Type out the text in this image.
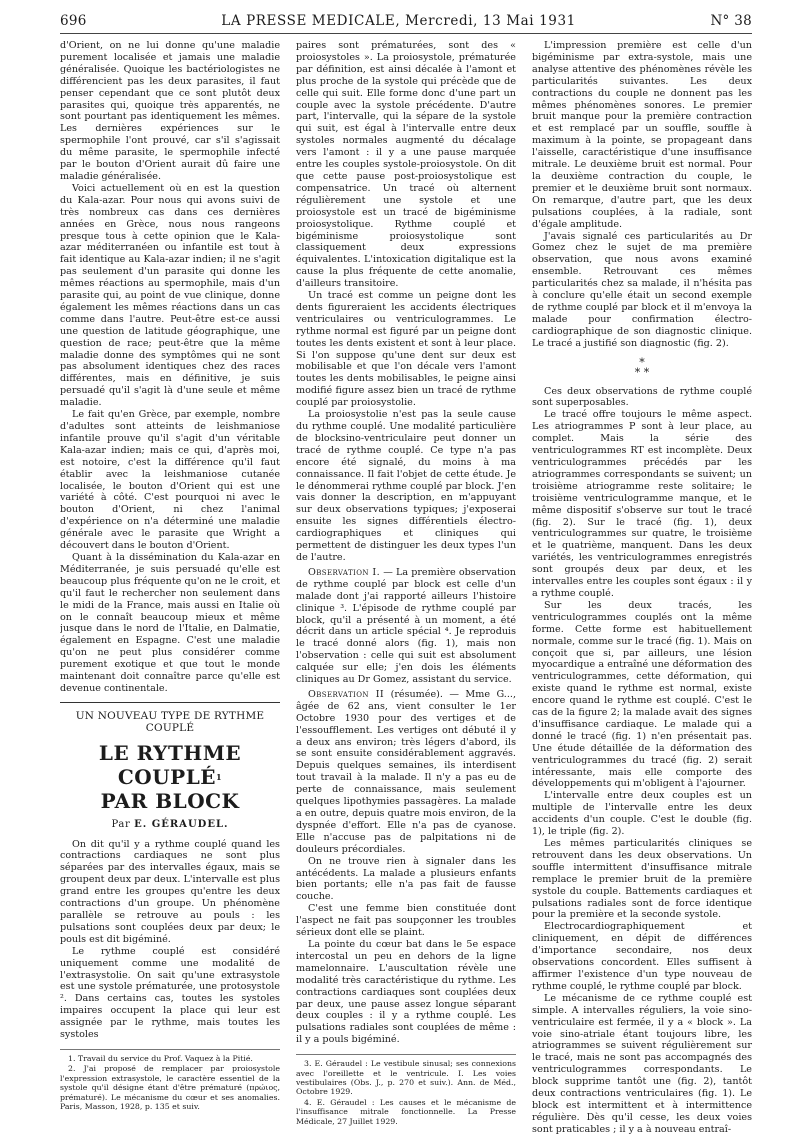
696	LA PRESSE MEDICALE, Mercredi, 13 Mai 1931	N° 38

d'Orient, on ne lui donne qu'une maladie purement localisée et jamais une maladie généralisée. Quoique les bactériologistes ne différencient pas les deux parasites, il faut penser cependant que ce sont plutôt deux parasites qui, quoique très apparentés, ne sont pourtant pas identiquement les mêmes. Les dernières expériences sur le spermophile l'ont prouvé, car s'il s'agissait du même parasite, le spermophile infecté par le bouton d'Orient aurait dû faire une maladie généralisée.

Voici actuellement où en est la question du Kala-azar. Pour nous qui avons suivi de très nombreux cas dans ces dernières années en Grèce, nous nous rangeons presque tous à cette opinion que le Kala-azar méditerranéen ou infantile est tout à fait identique au Kala-azar indien; il ne s'agit pas seulement d'un parasite qui donne les mêmes réactions au spermophile, mais d'un parasite qui, au point de vue clinique, donne également les mêmes réactions dans un cas comme dans l'autre. Peut-être est-ce aussi une question de latitude géographique, une question de race; peut-être que la même maladie donne des symptômes qui ne sont pas absolument identiques chez des races différentes, mais en définitive, je suis persuadé qu'il s'agit là d'une seule et même maladie.

Le fait qu'en Grèce, par exemple, nombre d'adultes sont atteints de leishmaniose infantile prouve qu'il s'agit d'un véritable Kala-azar indien; mais ce qui, d'après moi, est notoire, c'est la différence qu'il faut établir avec la leishmaniose cutanée localisée, le bouton d'Orient qui est une variété à côté. C'est pourquoi ni avec le bouton d'Orient, ni chez l'animal d'expérience on n'a déterminé une maladie générale avec le parasite que Wright a découvert dans le bouton d'Orient.

Quant à la dissémination du Kala-azar en Méditerranée, je suis persuadé qu'elle est beaucoup plus fréquente qu'on ne le croit, et qu'il faut le rechercher non seulement dans le midi de la France, mais aussi en Italie où on le connaît beaucoup mieux et même jusque dans le nord de l'Italie, en Dalmatie, également en Espagne. C'est une maladie qu'on ne peut plus considérer comme purement exotique et que tout le monde maintenant doit connaître parce qu'elle est devenue continentale.

UN NOUVEAU TYPE DE RYTHME COUPLÉ
LE RYTHME COUPLÉ$^1$
PAR BLOCK
Par E. GÉRAUDEL.

On dit qu'il y a rythme couplé quand les contractions cardiaques ne sont plus séparées par des intervalles égaux, mais se groupent deux par deux. L'intervalle est plus grand entre les groupes qu'entre les deux contractions d'un groupe. Un phénomène parallèle se retrouve au pouls : les pulsations sont couplées deux par deux; le pouls est dit bigéminé.

Le rythme couplé est considéré uniquement comme une modalité de l'extrasystolie. On sait qu'une extrasystole est une systole prématurée, une protosystole ². Dans certains cas, toutes les systoles impaires occupent la place qui leur est assignée par le rythme, mais toutes les systoles

1. Travail du service du Prof. Vaquez à la Pitié.

2. J'ai proposé de remplacer par proiosystole l'expression extrasystole, le caractère essentiel de la systole qu'il désigne étant d'être prématuré (πρώιος, prématuré). Le mécanisme du cœur et ses anomalies. Paris, Masson, 1928, p. 135 et suiv.

paires sont prématurées, sont des « proiosystoles ». La proiosystole, prématurée par définition, est ainsi décalée à l'amont et plus proche de la systole qui précède que de celle qui suit. Elle forme donc d'une part un couple avec la systole précédente. D'autre part, l'intervalle, qui la sépare de la systole qui suit, est égal à l'intervalle entre deux systoles normales augmenté du décalage vers l'amont : il y a une pause marquée entre les couples systole-proiosystole. On dit que cette pause post-proiosystolique est compensatrice. Un tracé où alternent régulièrement une systole et une proiosystole est un tracé de bigéminisme proiosystolique. Rythme couplé et bigéminisme proiosystolique sont classiquement deux expressions équivalentes. L'intoxication digitalique est la cause la plus fréquente de cette anomalie, d'ailleurs transitoire.

Un tracé est comme un peigne dont les dents figureraient les accidents électriques ventriculaires ou ventriculogrammes. Le rythme normal est figuré par un peigne dont toutes les dents existent et sont à leur place. Si l'on suppose qu'une dent sur deux est mobilisable et que l'on décale vers l'amont toutes les dents mobilisables, le peigne ainsi modifié figure assez bien un tracé de rythme couplé par proiosystolie.

La proiosystolie n'est pas la seule cause du rythme couplé. Une modalité particulière de blocksino-ventriculaire peut donner un tracé de rythme couplé. Ce type n'a pas encore été signalé, du moins à ma connaissance. Il fait l'objet de cette étude. Je le dénommerai rythme couplé par block. J'en vais donner la description, en m'appuyant sur deux observations typiques; j'exposerai ensuite les signes différentiels électro-cardiographiques et cliniques qui permettent de distinguer les deux types l'un de l'autre.

Observation I. — La première observation de rythme couplé par block est celle d'un malade dont j'ai rapporté ailleurs l'histoire clinique ³. L'épisode de rythme couplé par block, qu'il a présenté à un moment, a été décrit dans un article spécial ⁴. Je reproduis le tracé donné alors (fig. 1), mais non l'observation : celle qui suit est absolument calquée sur elle; j'en dois les éléments cliniques au Dr Gomez, assistant du service.

Observation II (résumée). — Mme G..., âgée de 62 ans, vient consulter le 1er Octobre 1930 pour des vertiges et de l'essoufflement. Les vertiges ont débuté il y a deux ans environ; très légers d'abord, ils se sont ensuite considérablement aggravés. Depuis quelques semaines, ils interdisent tout travail à la malade. Il n'y a pas eu de perte de connaissance, mais seulement quelques lipothymies passagères. La malade a en outre, depuis quatre mois environ, de la dyspnée d'effort. Elle n'a pas de cyanose. Elle n'accuse pas de palpitations ni de douleurs précordiales.

On ne trouve rien à signaler dans les antécédents. La malade a plusieurs enfants bien portants; elle n'a pas fait de fausse couche.

C'est une femme bien constituée dont l'aspect ne fait pas soupçonner les troubles sérieux dont elle se plaint.

La pointe du cœur bat dans le 5e espace intercostal un peu en dehors de la ligne mamelonnaire. L'auscultation révèle une modalité très caractéristique du rythme. Les contractions cardiaques sont couplées deux par deux, une pause assez longue séparant deux couples : il y a rythme couplé. Les pulsations radiales sont couplées de même : il y a pouls bigéminé.

3. E. Géraudel : Le vestibule sinusal; ses connexions avec l'oreillette et le ventricule. I. Les voies vestibulaires (Obs. J., p. 270 et suiv.). Ann. de Méd., Octobre 1929.

4. E. Géraudel : Les causes et le mécanisme de l'insuffisance mitrale fonctionnelle. La Presse Médicale, 27 Juillet 1929.

L'impression première est celle d'un bigéminisme par extra-systole, mais une analyse attentive des phénomènes révèle les particularités suivantes. Les deux contractions du couple ne donnent pas les mêmes phénomènes sonores. Le premier bruit manque pour la première contraction et est remplacé par un souffle, souffle à maximum à la pointe, se propageant dans l'aisselle, caractéristique d'une insuffisance mitrale. Le deuxième bruit est normal. Pour la deuxième contraction du couple, le premier et le deuxième bruit sont normaux. On remarque, d'autre part, que les deux pulsations couplées, à la radiale, sont d'égale amplitude.

J'avais signalé ces particularités au Dr Gomez chez le sujet de ma première observation, que nous avons examiné ensemble. Retrouvant ces mêmes particularités chez sa malade, il n'hésita pas à conclure qu'elle était un second exemple de rythme couplé par block et il m'envoya la malade pour confirmation électro-cardiographique de son diagnostic clinique. Le tracé a justifié son diagnostic (fig. 2).

*
* *

Ces deux observations de rythme couplé sont superposables.

Le tracé offre toujours le même aspect. Les atriogrammes P sont à leur place, au complet. Mais la série des ventriculogrammes RT est incomplète. Deux ventriculogrammes précédés par les atriogrammes correspondants se suivent; un troisième atriogramme reste solitaire; le troisième ventriculogramme manque, et le même dispositif s'observe sur tout le tracé (fig. 2). Sur le tracé (fig. 1), deux ventriculogrammes sur quatre, le troisième et le quatrième, manquent. Dans les deux variétés, les ventriculogrammes enregistrés sont groupés deux par deux, et les intervalles entre les couples sont égaux : il y a rythme couplé.

Sur les deux tracés, les ventriculogrammes couplés ont la même forme. Cette forme est habituellement normale, comme sur le tracé (fig. 1). Mais on conçoit que si, par ailleurs, une lésion myocardique a entraîné une déformation des ventriculogrammes, cette déformation, qui existe quand le rythme est normal, existe encore quand le rythme est couplé. C'est le cas de la figure 2; la malade avait des signes d'insuffisance cardiaque. Le malade qui a donné le tracé (fig. 1) n'en présentait pas. Une étude détaillée de la déformation des ventriculogrammes du tracé (fig. 2) serait intéressante, mais elle comporte des développements qui m'obligent à l'ajourner.

L'intervalle entre deux couples est un multiple de l'intervalle entre les deux accidents d'un couple. C'est le double (fig. 1), le triple (fig. 2).

Les mêmes particularités cliniques se retrouvent dans les deux observations. Un souffle intermittent d'insuffisance mitrale remplace le premier bruit de la première systole du couple. Battements cardiaques et pulsations radiales sont de force identique pour la première et la seconde systole.

Electrocardiographiquement et cliniquement, en dépit de différences d'importance secondaire, nos deux observations concordent. Elles suffisent à affirmer l'existence d'un type nouveau de rythme couplé, le rythme couplé par block.

Le mécanisme de ce rythme couplé est simple. A intervalles réguliers, la voie sino-ventriculaire est fermée, il y a « block ». La voie sino-atriale étant toujours libre, les atriogrammes se suivent régulièrement sur le tracé, mais ne sont pas accompagnés des ventriculogrammes correspondants. Le block supprime tantôt une (fig. 2), tantôt deux contractions ventriculaires (fig. 1). Le block est intermittent et à intermittence régulière. Dès qu'il cesse, les deux voies sont praticables ; il y a à nouveau entraî-
